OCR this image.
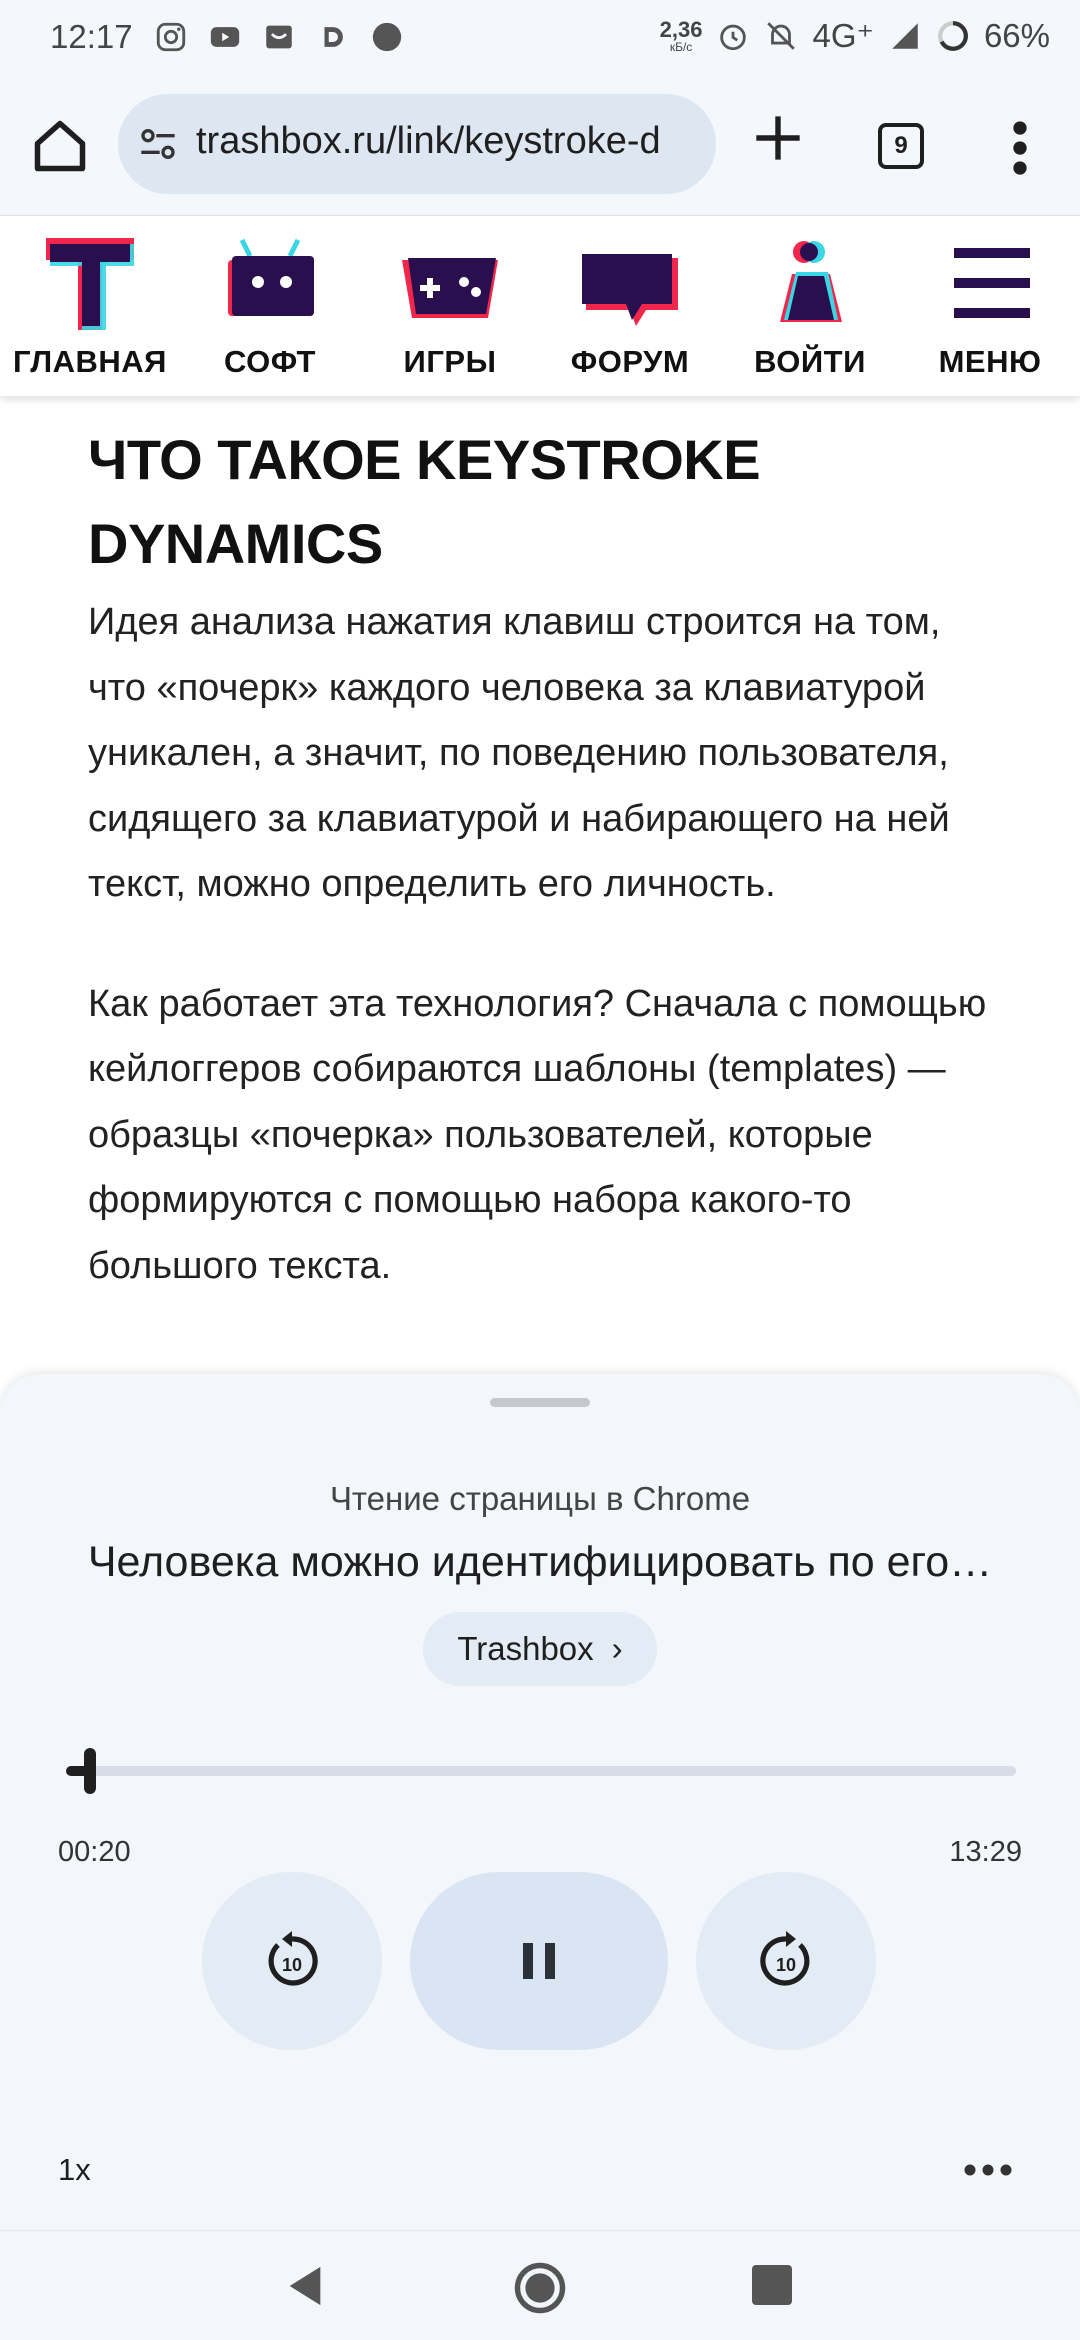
12:17	2,36
кБ/с	4G⁺	66%
trashbox.ru/link/keystroke-d	9
ГЛАВНАЯ	СОФТ	ИГРЫ	ФОРУМ	ВОЙТИ	МЕНЮ
ЧТО ТАКОЕ KEYSTROKE DYNAMICS

Идея анализа нажатия клавиш строится на том, что «почерк» каждого человека за клавиатурой уникален, а значит, по поведению пользователя, сидящего за клавиатурой и набирающего на ней текст, можно определить его личность.

Как работает эта технология? Сначала с помощью кейлоггеров собираются шаблоны (templates) — образцы «почерка» пользователей, которые формируются с помощью набора какого-то большого текста.

Чтение страницы в Chrome
Человека можно идентифицировать по его…
Trashbox ›
00:20	13:29
10	10
1x
